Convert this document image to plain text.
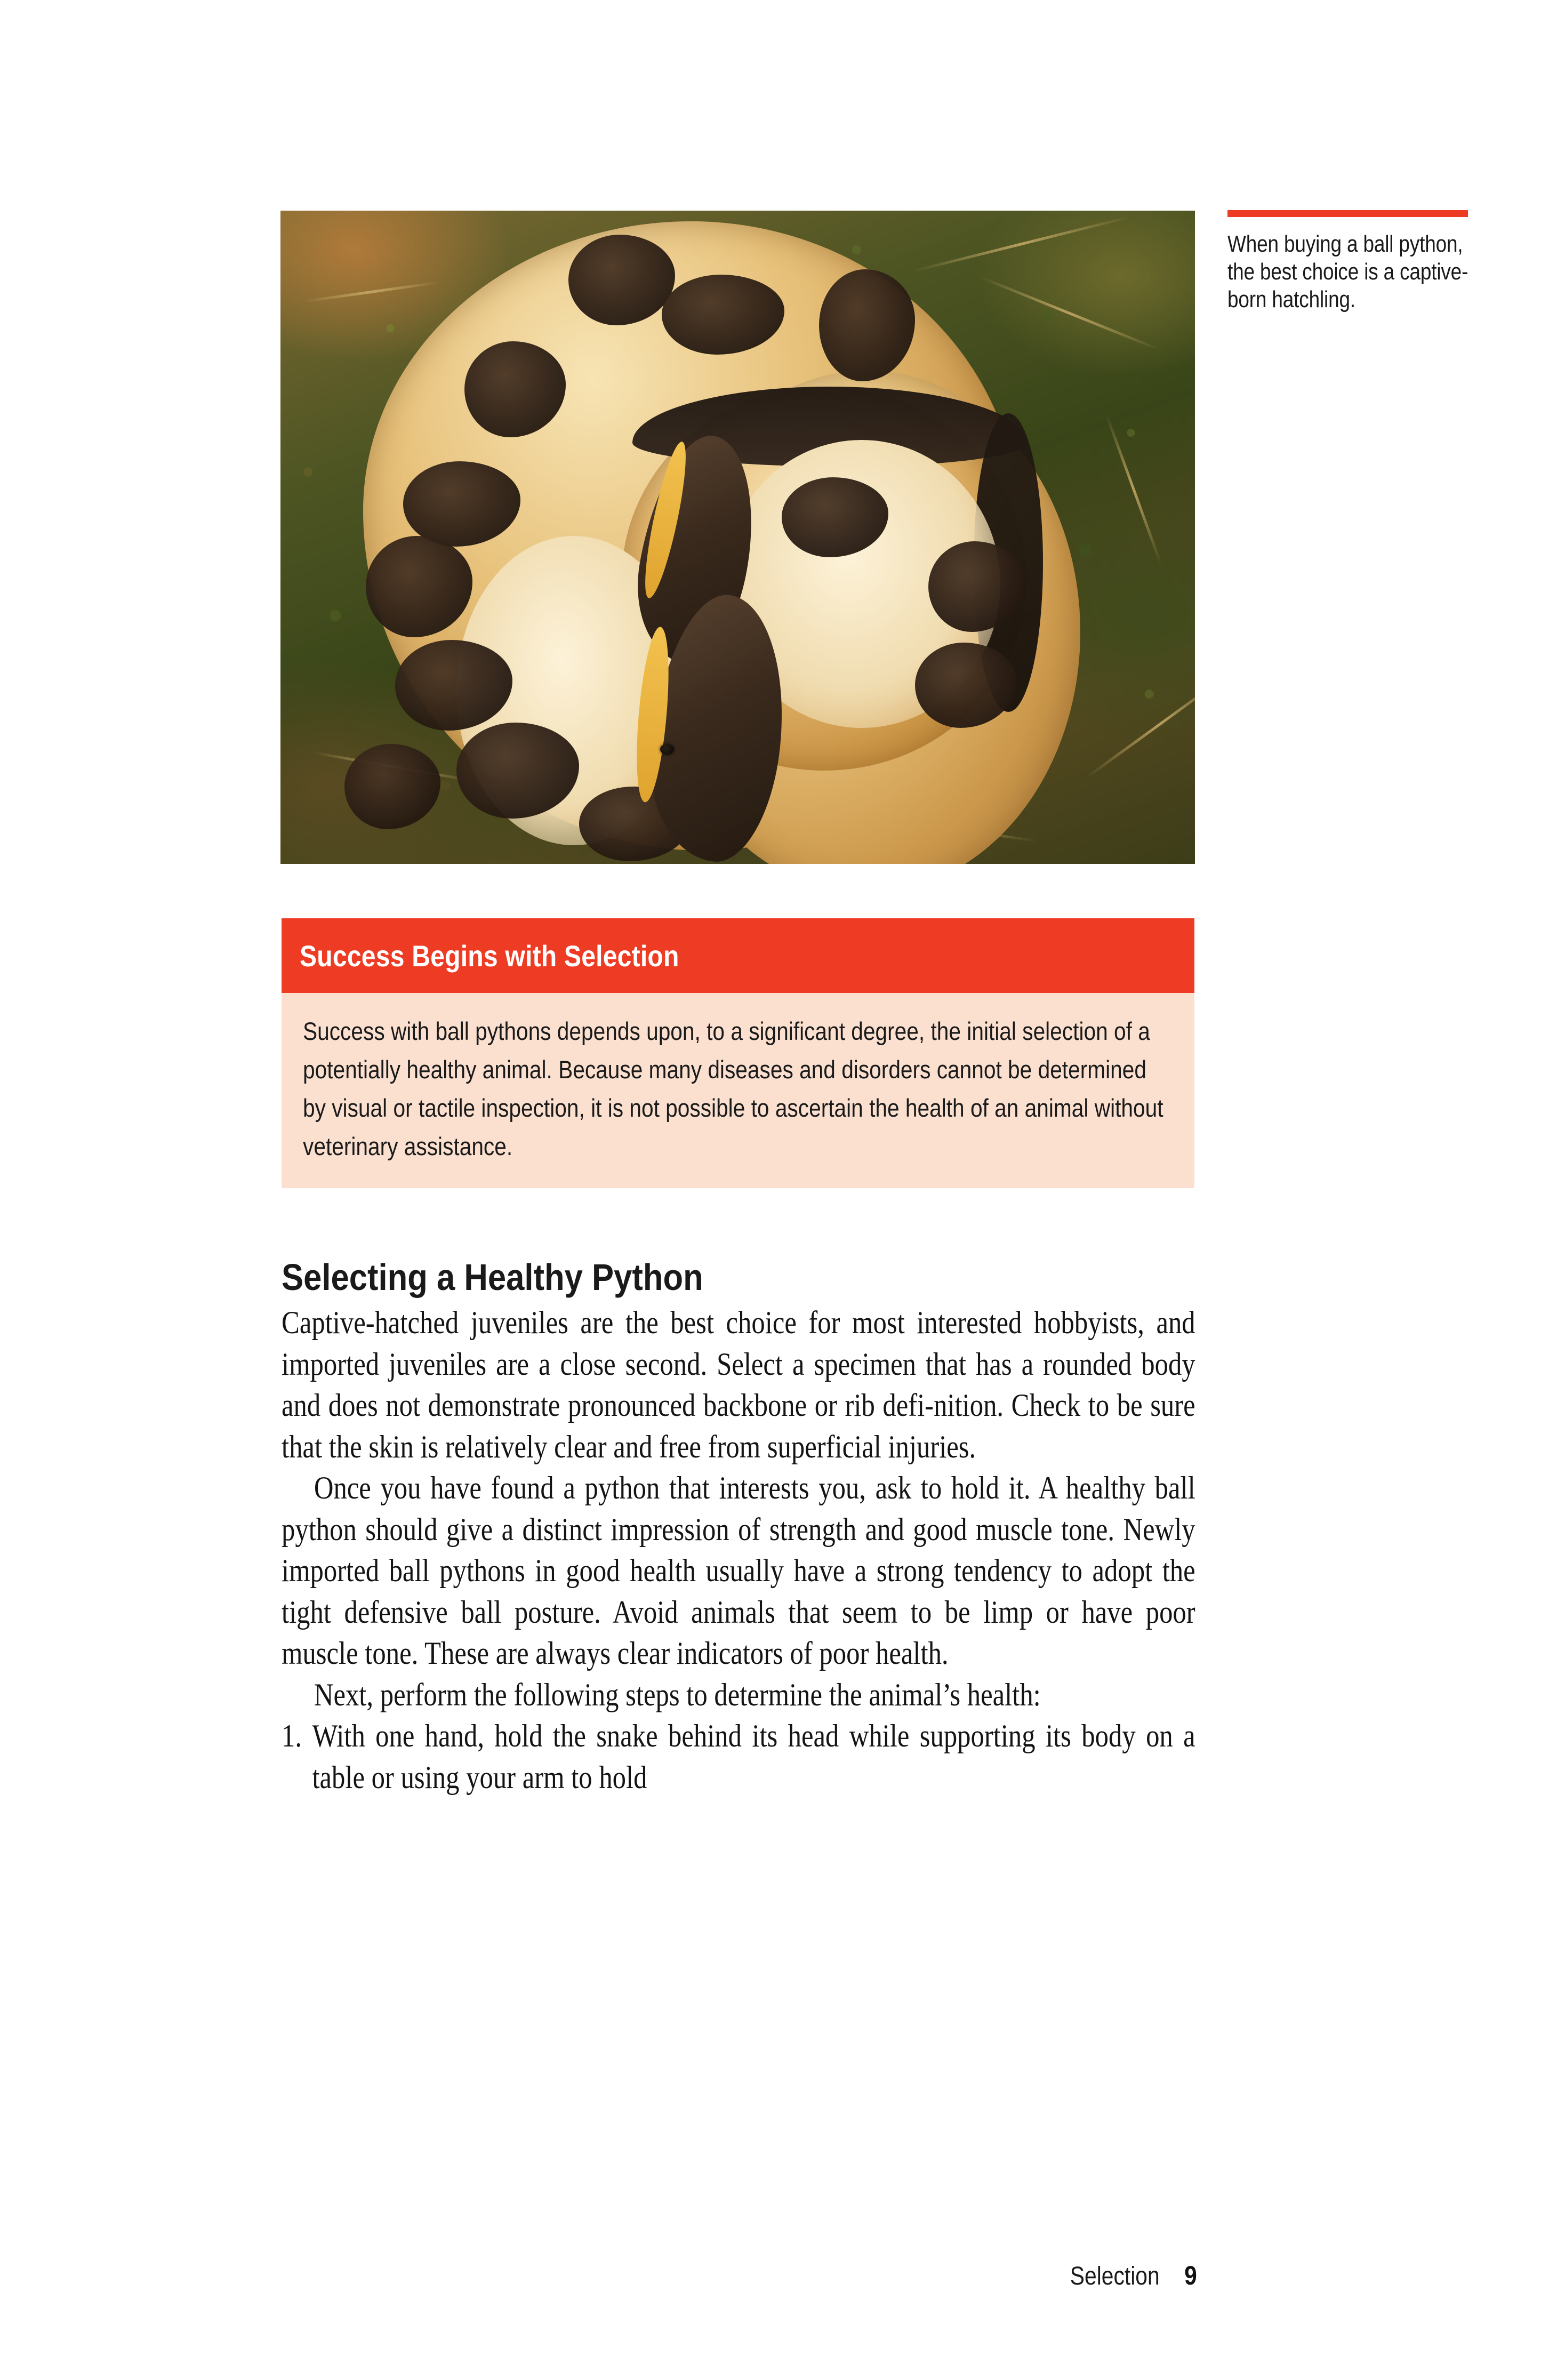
When buying a ball python, the best choice is a captive-born hatchling.
Success Begins with Selection
Success with ball pythons depends upon, to a significant degree, the initial selection of a potentially healthy animal. Because many diseases and disorders cannot be determined by visual or tactile inspection, it is not possible to ascertain the health of an animal without veterinary assistance.
Selecting a Healthy Python

Captive-hatched juveniles are the best choice for most interested hobbyists, and imported juveniles are a close second. Select a specimen that has a rounded body and does not demonstrate pronounced backbone or rib defi-nition. Check to be sure that the skin is relatively clear and free from superficial injuries.

Once you have found a python that interests you, ask to hold it. A healthy ball python should give a distinct impression of strength and good muscle tone. Newly imported ball pythons in good health usually have a strong tendency to adopt the tight defensive ball posture. Avoid animals that seem to be limp or have poor muscle tone. These are always clear indicators of poor health.

Next, perform the following steps to determine the animal’s health:

1. With one hand, hold the snake behind its head while supporting its body on a table or using your arm to hold
Selection 9
